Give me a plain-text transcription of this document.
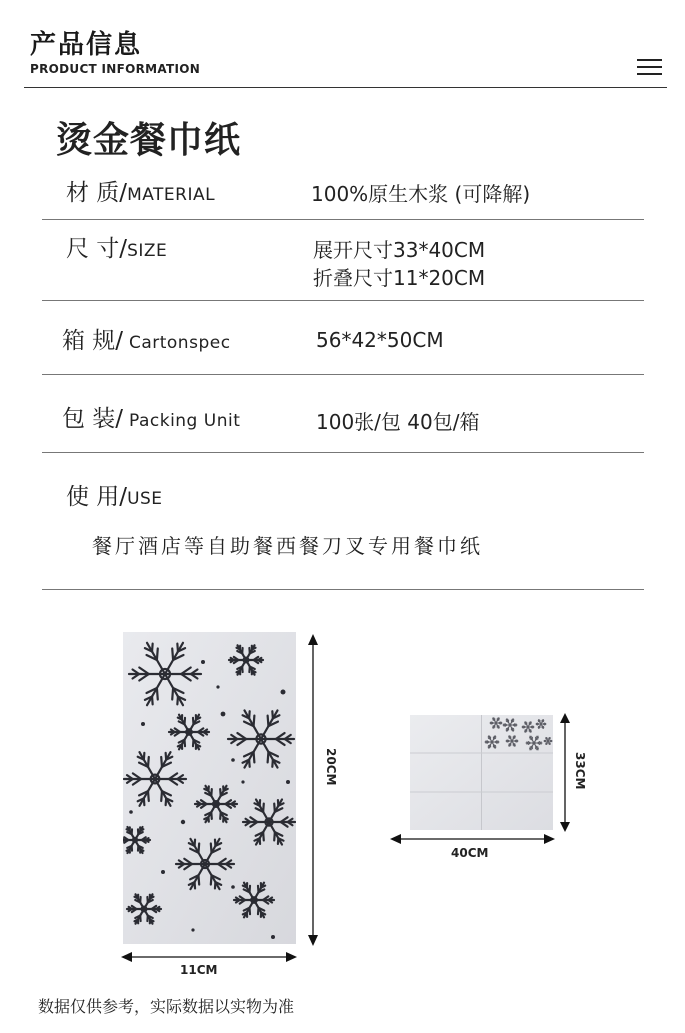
产品信息
PRODUCT INFORMATION
烫金餐巾纸
材 质/MATERIAL	100%原生木浆 (可降解)
尺 寸/SIZE	展开尺寸33*40CM
折叠尺寸11*20CM
箱 规/ Cartonspec	56*42*50CM
包 装/ Packing Unit	100张/包 40包/箱
使 用/USE
餐厅酒店等自助餐西餐刀叉专用餐巾纸
20CM
11CM
33CM
40CM
数据仅供参考，实际数据以实物为准
